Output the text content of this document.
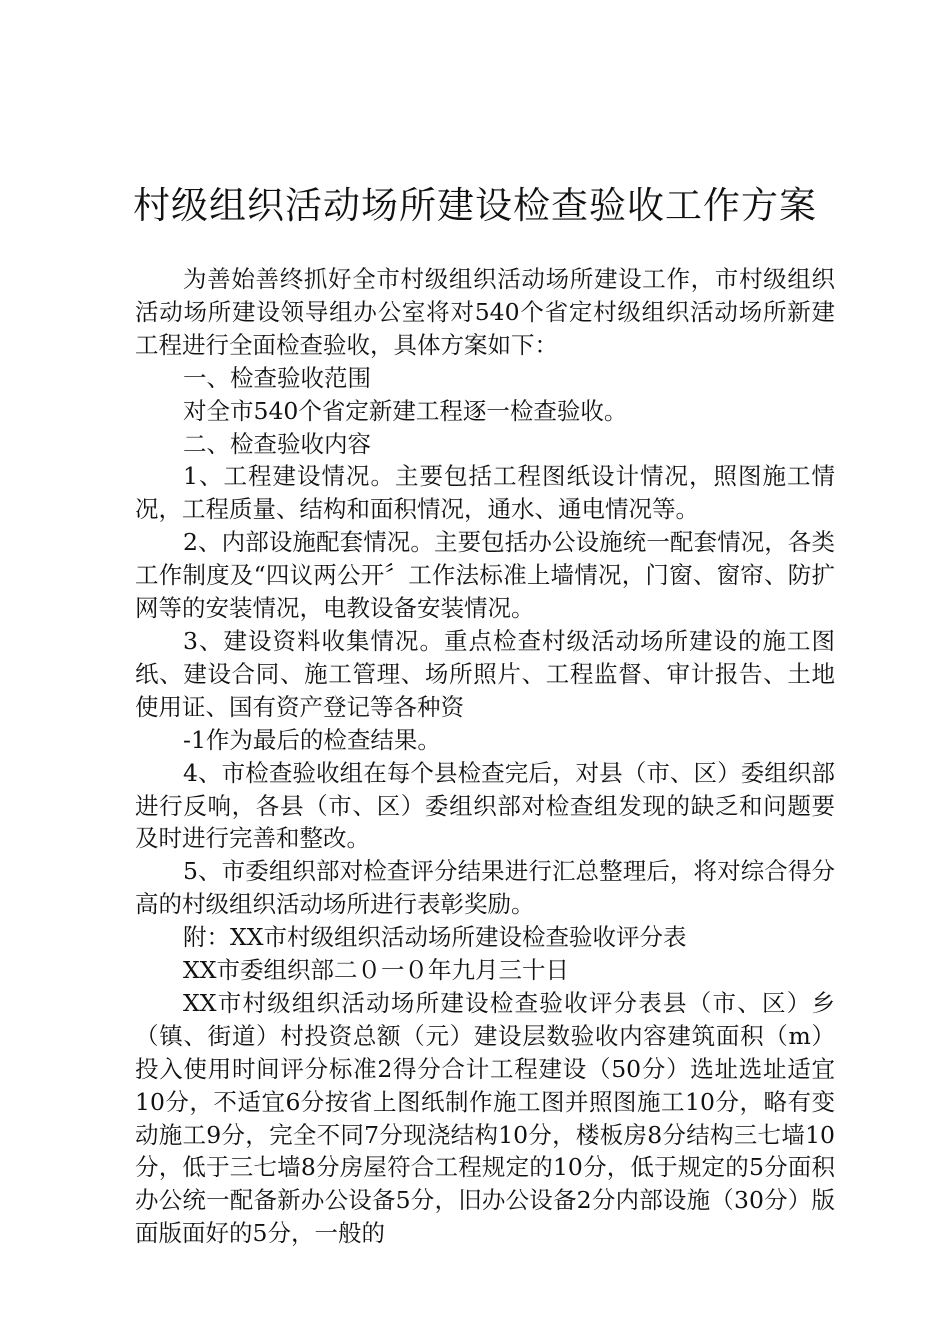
村级组织活动场所建设检查验收工作方案

为善始善终抓好全市村级组织活动场所建设工作，市村级组织活动场所建设领导组办公室将对540个省定村级组织活动场所新建工程进行全面检查验收，具体方案如下：

一、检查验收范围

对全市540个省定新建工程逐一检查验收。

二、检查验收内容

1、工程建设情况。主要包括工程图纸设计情况，照图施工情况，工程质量、结构和面积情况，通水、通电情况等。

2、内部设施配套情况。主要包括办公设施统一配套情况，各类工作制度及“四议两公开〞工作法标准上墙情况，门窗、窗帘、防扩网等的安装情况，电教设备安装情况。

3、建设资料收集情况。重点检查村级活动场所建设的施工图纸、建设合同、施工管理、场所照片、工程监督、审计报告、土地使用证、国有资产登记等各种资

-1作为最后的检查结果。

4、市检查验收组在每个县检查完后，对县（市、区）委组织部进行反响，各县（市、区）委组织部对检查组发现的缺乏和问题要及时进行完善和整改。

5、市委组织部对检查评分结果进行汇总整理后，将对综合得分高的村级组织活动场所进行表彰奖励。

附：XX市村级组织活动场所建设检查验收评分表

XX市委组织部二０一０年九月三十日

XX市村级组织活动场所建设检查验收评分表县（市、区）乡（镇、街道）村投资总额（元）建设层数验收内容建筑面积（m）投入使用时间评分标准2得分合计工程建设（50分）选址选址适宜10分，不适宜6分按省上图纸制作施工图并照图施工10分，略有变动施工9分，完全不同7分现浇结构10分，楼板房8分结构三七墙10分，低于三七墙8分房屋符合工程规定的10分，低于规定的5分面积办公统一配备新办公设备5分，旧办公设备2分内部设施（30分）版面版面好的5分，一般的
